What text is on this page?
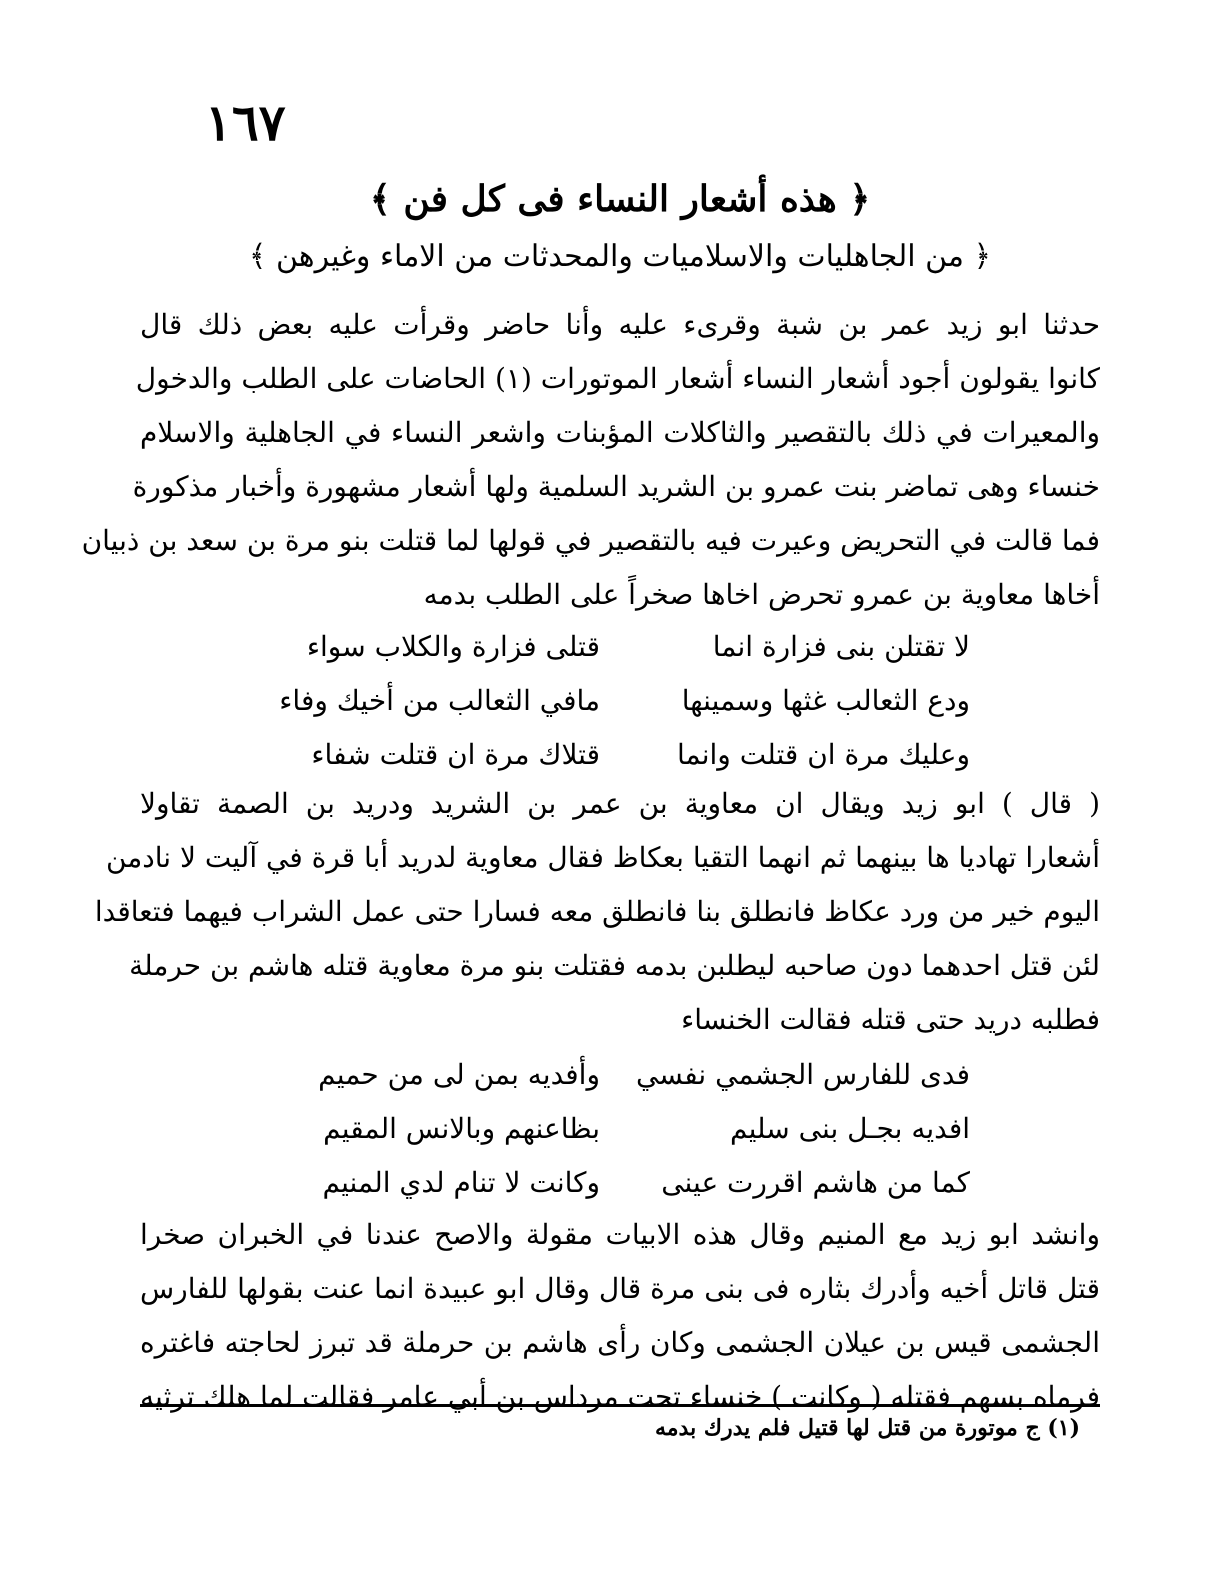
١٦٧
﴿ هذه أشعار النساء فى كل فن ﴾
﴿ من الجاهليات والاسلاميات والمحدثات من الاماء وغيرهن ﴾
حدثنا ابو زيد عمر بن شبة وقرىء عليه وأنا حاضر وقرأت عليه بعض ذلك قال
كانوا يقولون أجود أشعار النساء أشعار الموتورات (١) الحاضات على الطلب والدخول
والمعيرات في ذلك بالتقصير والثاكلات المؤبنات واشعر النساء في الجاهلية والاسلام
خنساء وهى تماضر بنت عمرو بن الشريد السلمية ولها أشعار مشهورة وأخبار مذكورة
فما قالت في التحريض وعيرت فيه بالتقصير في قولها لما قتلت بنو مرة بن سعد بن ذبيان
أخاها معاوية بن عمرو تحرض اخاها صخراً على الطلب بدمه
لا تقتلن بنى فزارة انما
قتلى فزارة والكلاب سواء
ودع الثعالب غثها وسمينها
مافي الثعالب من أخيك وفاء
وعليك مرة ان قتلت وانما
قتلاك مرة ان قتلت شفاء
( قال ) ابو زيد ويقال ان معاوية بن عمر بن الشريد ودريد بن الصمة تقاولا
أشعارا تهاديا ها بينهما ثم انهما التقيا بعكاظ فقال معاوية لدريد أبا قرة في آليت لا نادمن
اليوم خير من ورد عكاظ فانطلق بنا فانطلق معه فسارا حتى عمل الشراب فيهما فتعاقدا
لئن قتل احدهما دون صاحبه ليطلبن بدمه فقتلت بنو مرة معاوية قتله هاشم بن حرملة
فطلبه دريد حتى قتله فقالت الخنساء
فدى للفارس الجشمي نفسي
وأفديه بمن لى من حميم
افديه بجـل بنى سليم
بظاعنهم وبالانس المقيم
كما من هاشم اقررت عينى
وكانت لا تنام لدي المنيم
وانشد ابو زيد مع المنيم وقال هذه الابيات مقولة والاصح عندنا في الخبران صخرا
قتل قاتل أخيه وأدرك بثاره فى بنى مرة قال وقال ابو عبيدة انما عنت بقولها للفارس
الجشمى قيس بن عيلان الجشمى وكان رأى هاشم بن حرملة قد تبرز لحاجته فاغتره
فرماه بسهم فقتله ( وكانت ) خنساء تحت مرداس بن أبي عامر فقالت لما هلك ترثيه
(١) ج موتورة من قتل لها قتيل فلم يدرك بدمه
